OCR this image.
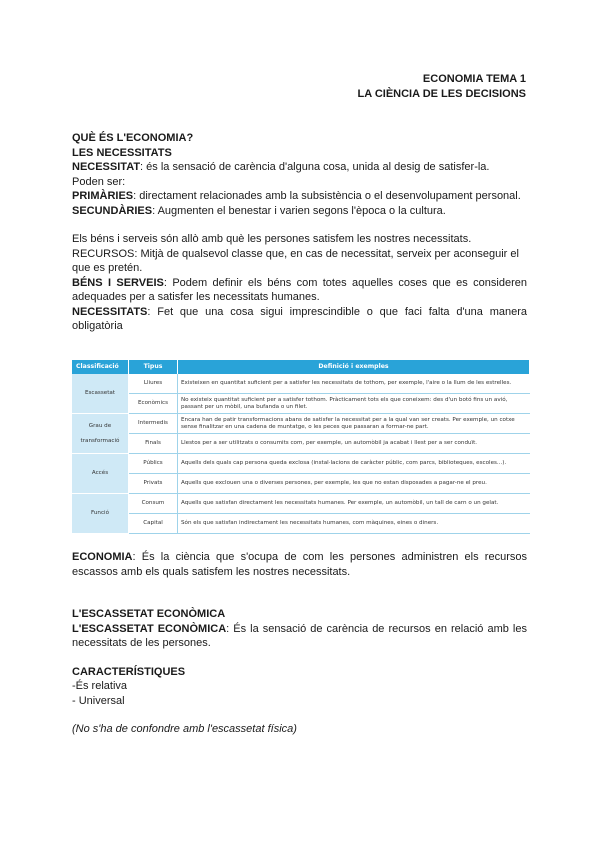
ECONOMIA TEMA 1
LA CIÈNCIA DE LES DECISIONS

QUÈ ÉS L'ECONOMIA?

LES NECESSITATS

NECESSITAT: és la sensació de carència d'alguna cosa, unida al desig de satisfer-la.

Poden ser:

PRIMÀRIES: directament relacionades amb la subsistència o el desenvolupament personal.

SECUNDÀRIES: Augmenten el benestar i varien segons l'època o la cultura.

Els béns i serveis són allò amb què les persones satisfem les nostres necessitats.

RECURSOS: Mitjà de qualsevol classe que, en cas de necessitat, serveix per aconseguir el que es pretén.

BÉNS I SERVEIS: Podem definir els béns com totes aquelles coses que es consideren adequades per a satisfer les necessitats humanes.

NECESSITATS: Fet que una cosa sigui imprescindible o que faci falta d'una manera obligatòria

Classificació	Tipus	Definició i exemples
Escassetat	Lliures	Existeixen en quantitat suficient per a satisfer les necessitats de tothom, per exemple, l'aire o la llum de les estrelles.
	Econòmics	No existeix quantitat suficient per a satisfer tothom. Pràcticament tots els que coneixem: des d'un botó fins un avió, passant per un mòbil, una bufanda o un filet.
Grau de transformació	Intermedis	Encara han de patir transformacions abans de satisfer la necessitat per a la qual van ser creats. Per exemple, un cotxe sense finalitzar en una cadena de muntatge, o les peces que passaran a formar-ne part.
	Finals	Llestos per a ser utilitzats o consumits com, per exemple, un automòbil ja acabat i llest per a ser conduït.
Accés	Públics	Aquells dels quals cap persona queda exclosa (instal·lacions de caràcter públic, com parcs, biblioteques, escoles...).
	Privats	Aquells que exclouen una o diverses persones, per exemple, les que no estan disposades a pagar-ne el preu.
Funció	Consum	Aquells que satisfan directament les necessitats humanes. Per exemple, un automòbil, un tall de carn o un gelat.
	Capital	Són els que satisfan indirectament les necessitats humanes, com màquines, eines o diners.

ECONOMIA: És la ciència que s'ocupa de com les persones administren els recursos escassos amb els quals satisfem les nostres necessitats.

L'ESCASSETAT ECONÒMICA

L'ESCASSETAT ECONÒMICA: És la sensació de carència de recursos en relació amb les necessitats de les persones.

CARACTERÍSTIQUES

-És relativa

- Universal

(No s'ha de confondre amb l'escassetat física)
